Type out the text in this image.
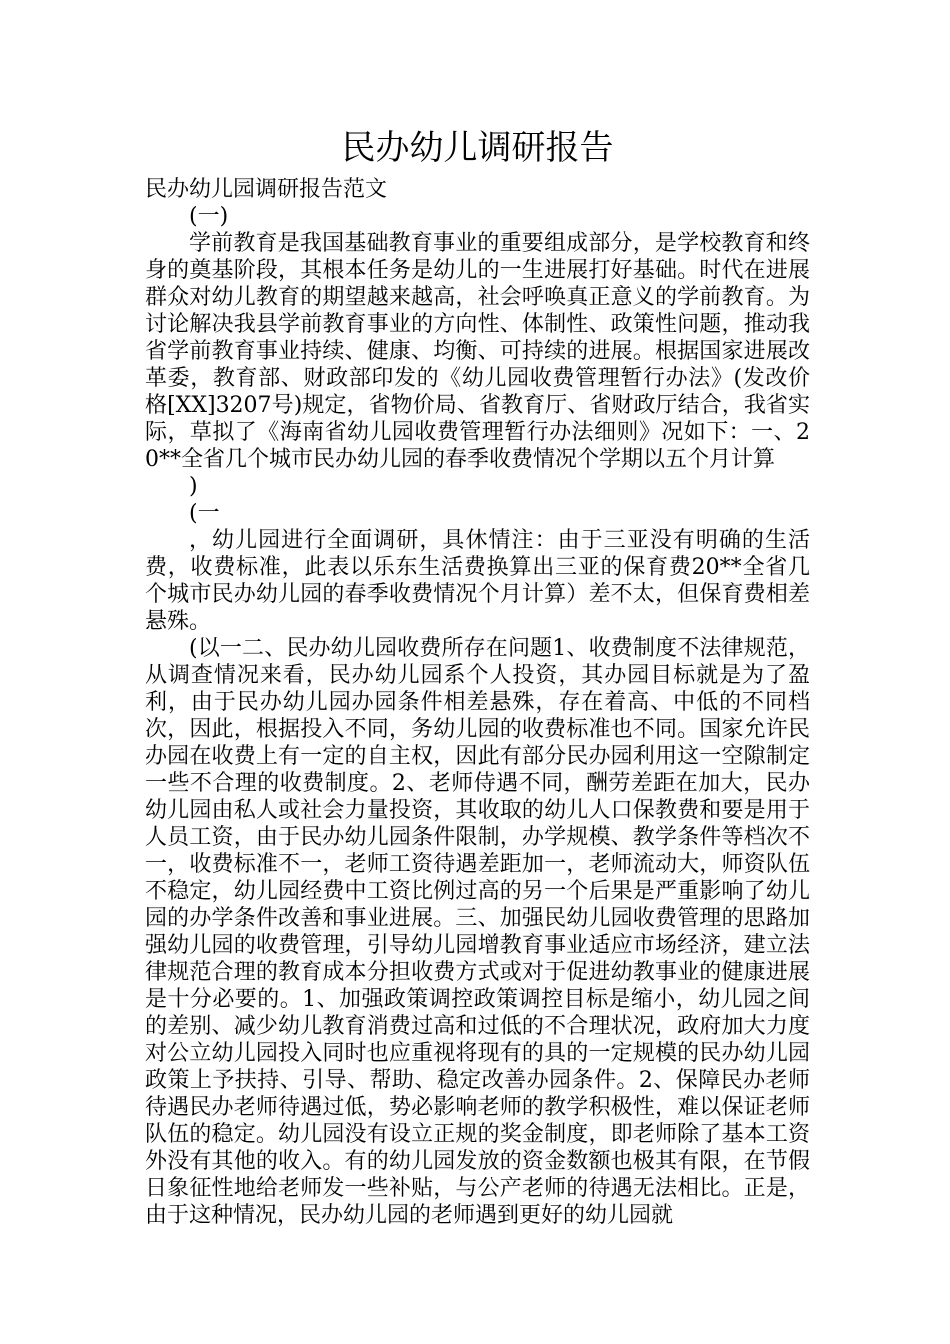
民办幼儿调研报告

民办幼儿园调研报告范文

(一)

学前教育是我国基础教育事业的重要组成部分，是学校教育和终身的奠基阶段，其根本任务是幼儿的一生进展打好基础。时代在进展群众对幼儿教育的期望越来越高，社会呼唤真正意义的学前教育。为讨论解决我县学前教育事业的方向性、体制性、政策性问题，推动我省学前教育事业持续、健康、均衡、可持续的进展。根据国家进展改革委，教育部、财政部印发的《幼儿园收费管理暂行办法》(发改价格[XX]3207号)规定，省物价局、省教育厅、省财政厅结合，我省实际，草拟了《海南省幼儿园收费管理暂行办法细则》况如下：一、20**全省几个城市民办幼儿园的春季收费情况个学期以五个月计算

)

(一

，幼儿园进行全面调研，具休情注：由于三亚没有明确的生活费，收费标准，此表以乐东生活费换算出三亚的保育费20**全省几个城市民办幼儿园的春季收费情况个月计算）差不太，但保育费相差悬殊。

(以一二、民办幼儿园收费所存在问题1、收费制度不法律规范，从调查情况来看，民办幼儿园系个人投资，其办园目标就是为了盈利，由于民办幼儿园办园条件相差悬殊，存在着高、中低的不同档次，因此，根据投入不同，务幼儿园的收费标准也不同。国家允许民办园在收费上有一定的自主权，因此有部分民办园利用这一空隙制定一些不合理的收费制度。2、老师侍遇不同，酬劳差距在加大，民办幼儿园由私人或社会力量投资，其收取的幼儿人口保教费和要是用于人员工资，由于民办幼儿园条件限制，办学规模、教学条件等档次不一，收费标准不一，老师工资待遇差距加一，老师流动大，师资队伍不稳定，幼儿园经费中工资比例过高的另一个后果是严重影响了幼儿园的办学条件改善和事业进展。三、加强民幼儿园收费管理的思路加强幼儿园的收费管理，引导幼儿园增教育事业适应市场经济，建立法律规范合理的教育成本分担收费方式或对于促进幼教事业的健康进展是十分必要的。1、加强政策调控政策调控目标是缩小，幼儿园之间的差别、减少幼儿教育消费过高和过低的不合理状况，政府加大力度对公立幼儿园投入同时也应重视将现有的具的一定规模的民办幼儿园政策上予扶持、引导、帮助、稳定改善办园条件。2、保障民办老师待遇民办老师待遇过低，势必影响老师的教学积极性，难以保证老师队伍的稳定。幼儿园没有设立正规的奖金制度，即老师除了基本工资外没有其他的收入。有的幼儿园发放的资金数额也极其有限，在节假日象征性地给老师发一些补贴，与公产老师的待遇无法相比。正是，由于这种情况，民办幼儿园的老师遇到更好的幼儿园就
